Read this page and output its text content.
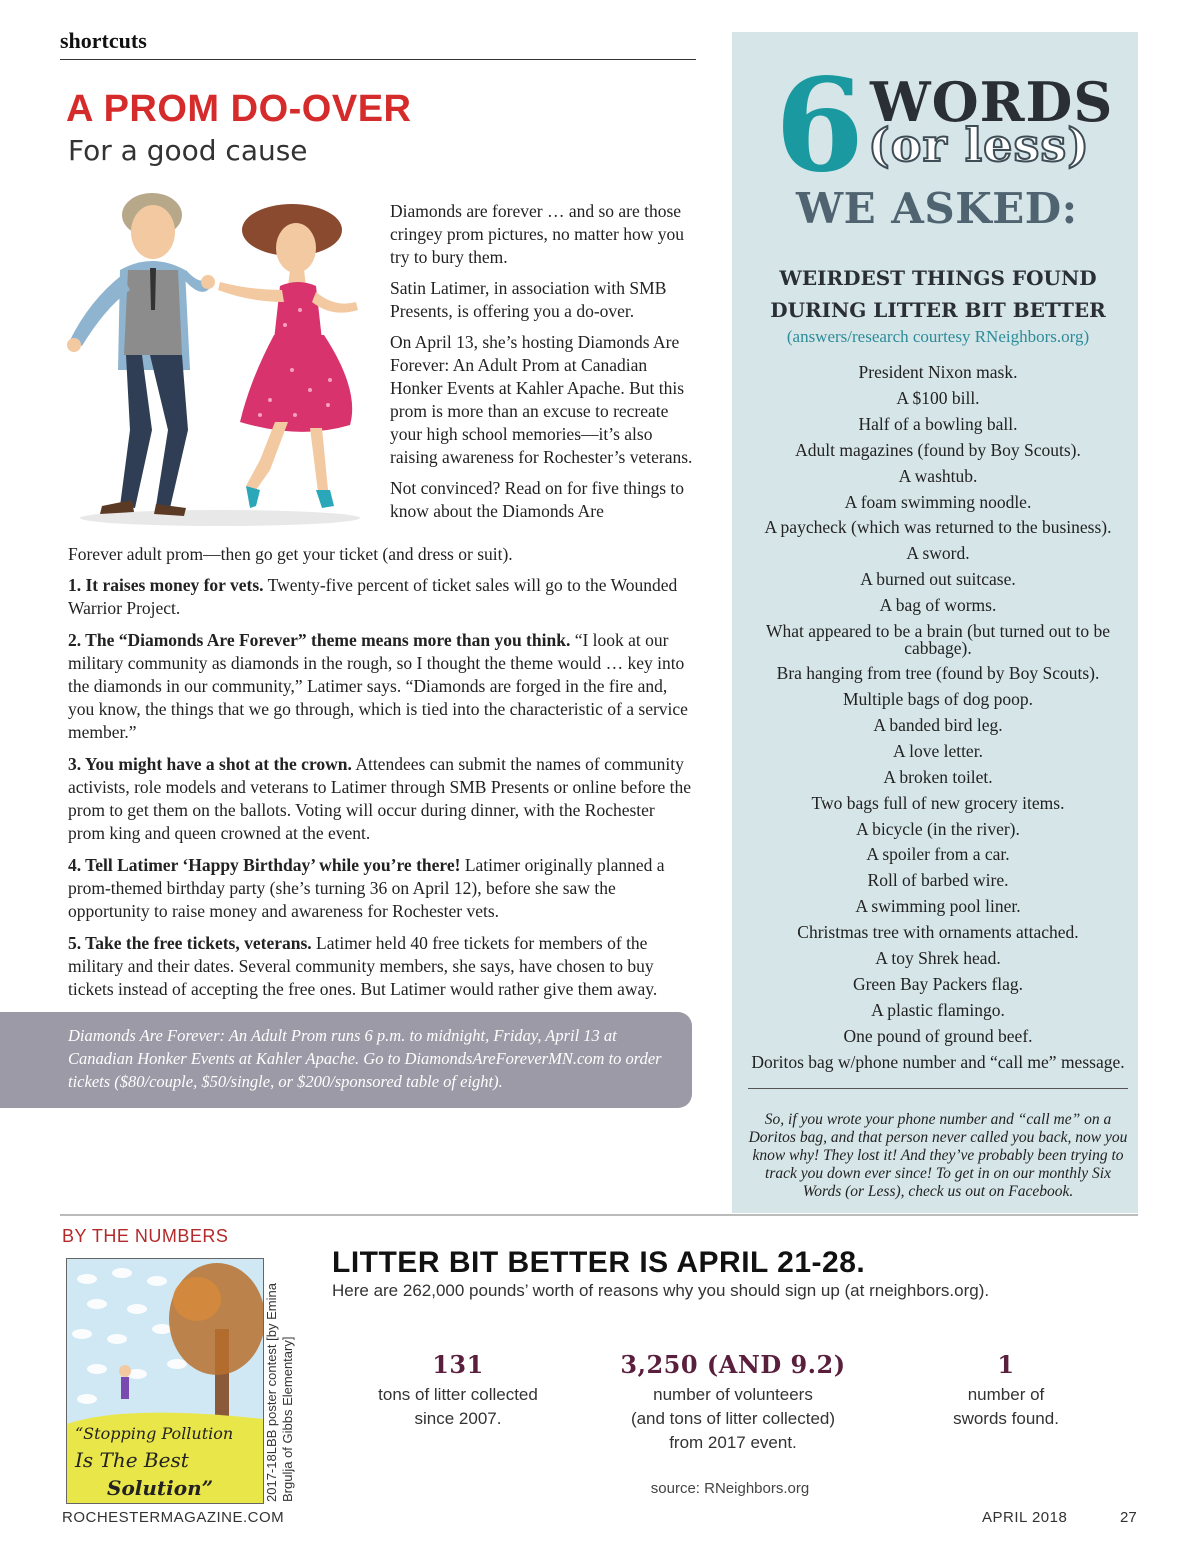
shortcuts
A PROM DO-OVER
For a good cause

Diamonds are forever … and so are those cringey prom pictures, no matter how you try to bury them.

Satin Latimer, in association with SMB Presents, is offering you a do-over.

On April 13, she’s hosting Diamonds Are Forever: An Adult Prom at Canadian Honker Events at Kahler Apache. But this prom is more than an excuse to recreate your high school memories—it’s also raising awareness for Rochester’s veterans.

Not convinced? Read on for five things to know about the Diamonds Are

Forever adult prom—then go get your ticket (and dress or suit).

1. It raises money for vets. Twenty-five percent of ticket sales will go to the Wounded Warrior Project.

2. The “Diamonds Are Forever” theme means more than you think. “I look at our military community as diamonds in the rough, so I thought the theme would … key into the diamonds in our community,” Latimer says. “Diamonds are forged in the fire and, you know, the things that we go through, which is tied into the characteristic of a service member.”

3. You might have a shot at the crown. Attendees can submit the names of community activists, role models and veterans to Latimer through SMB Presents or online before the prom to get them on the ballots. Voting will occur during dinner, with the Rochester prom king and queen crowned at the event.

4. Tell Latimer ‘Happy Birthday’ while you’re there! Latimer originally planned a prom-themed birthday party (she’s turning 36 on April 12), before she saw the opportunity to raise money and awareness for Rochester vets.

5. Take the free tickets, veterans. Latimer held 40 free tickets for members of the military and their dates. Several community members, she says, have chosen to buy tickets instead of accepting the free ones. But Latimer would rather give them away.

Diamonds Are Forever: An Adult Prom runs 6 p.m. to midnight, Friday, April 13 at Canadian Honker Events at Kahler Apache. Go to DiamondsAreForeverMN.com to order tickets ($80/couple, $50/single, or $200/sponsored table of eight).
6 WORDS
(or less)
WE ASKED:
WEIRDEST THINGS FOUND DURING LITTER BIT BETTER
(answers/research courtesy RNeighbors.org)
President Nixon mask.
A $100 bill.
Half of a bowling ball.
Adult magazines (found by Boy Scouts).
A washtub.
A foam swimming noodle.
A paycheck (which was returned to the business).
A sword.
A burned out suitcase.
A bag of worms.
What appeared to be a brain (but turned out to be cabbage).
Bra hanging from tree (found by Boy Scouts).
Multiple bags of dog poop.
A banded bird leg.
A love letter.
A broken toilet.
Two bags full of new grocery items.
A bicycle (in the river).
A spoiler from a car.
Roll of barbed wire.
A swimming pool liner.
Christmas tree with ornaments attached.
A toy Shrek head.
Green Bay Packers flag.
A plastic flamingo.
One pound of ground beef.
Doritos bag w/phone number and “call me” message.
So, if you wrote your phone number and “call me” on a Doritos bag, and that person never called you back, now you know why! They lost it! And they’ve probably been trying to track you down ever since! To get in on our monthly Six Words (or Less), check us out on Facebook.
BY THE NUMBERS
“Stopping Pollution
Is The Best
Solution”	2017-18LBB poster contest [by Emina Brgulja of Gibbs Elementary]
LITTER BIT BETTER IS APRIL 21-28.
Here are 262,000 pounds’ worth of reasons why you should sign up (at rneighbors.org).
131
tons of litter collected
since 2007.
3,250 (AND 9.2)
number of volunteers
(and tons of litter collected)
from 2017 event.
1
number of
swords found.
source: RNeighbors.org
ROCHESTERMAGAZINE.COM	APRIL 2018	27
